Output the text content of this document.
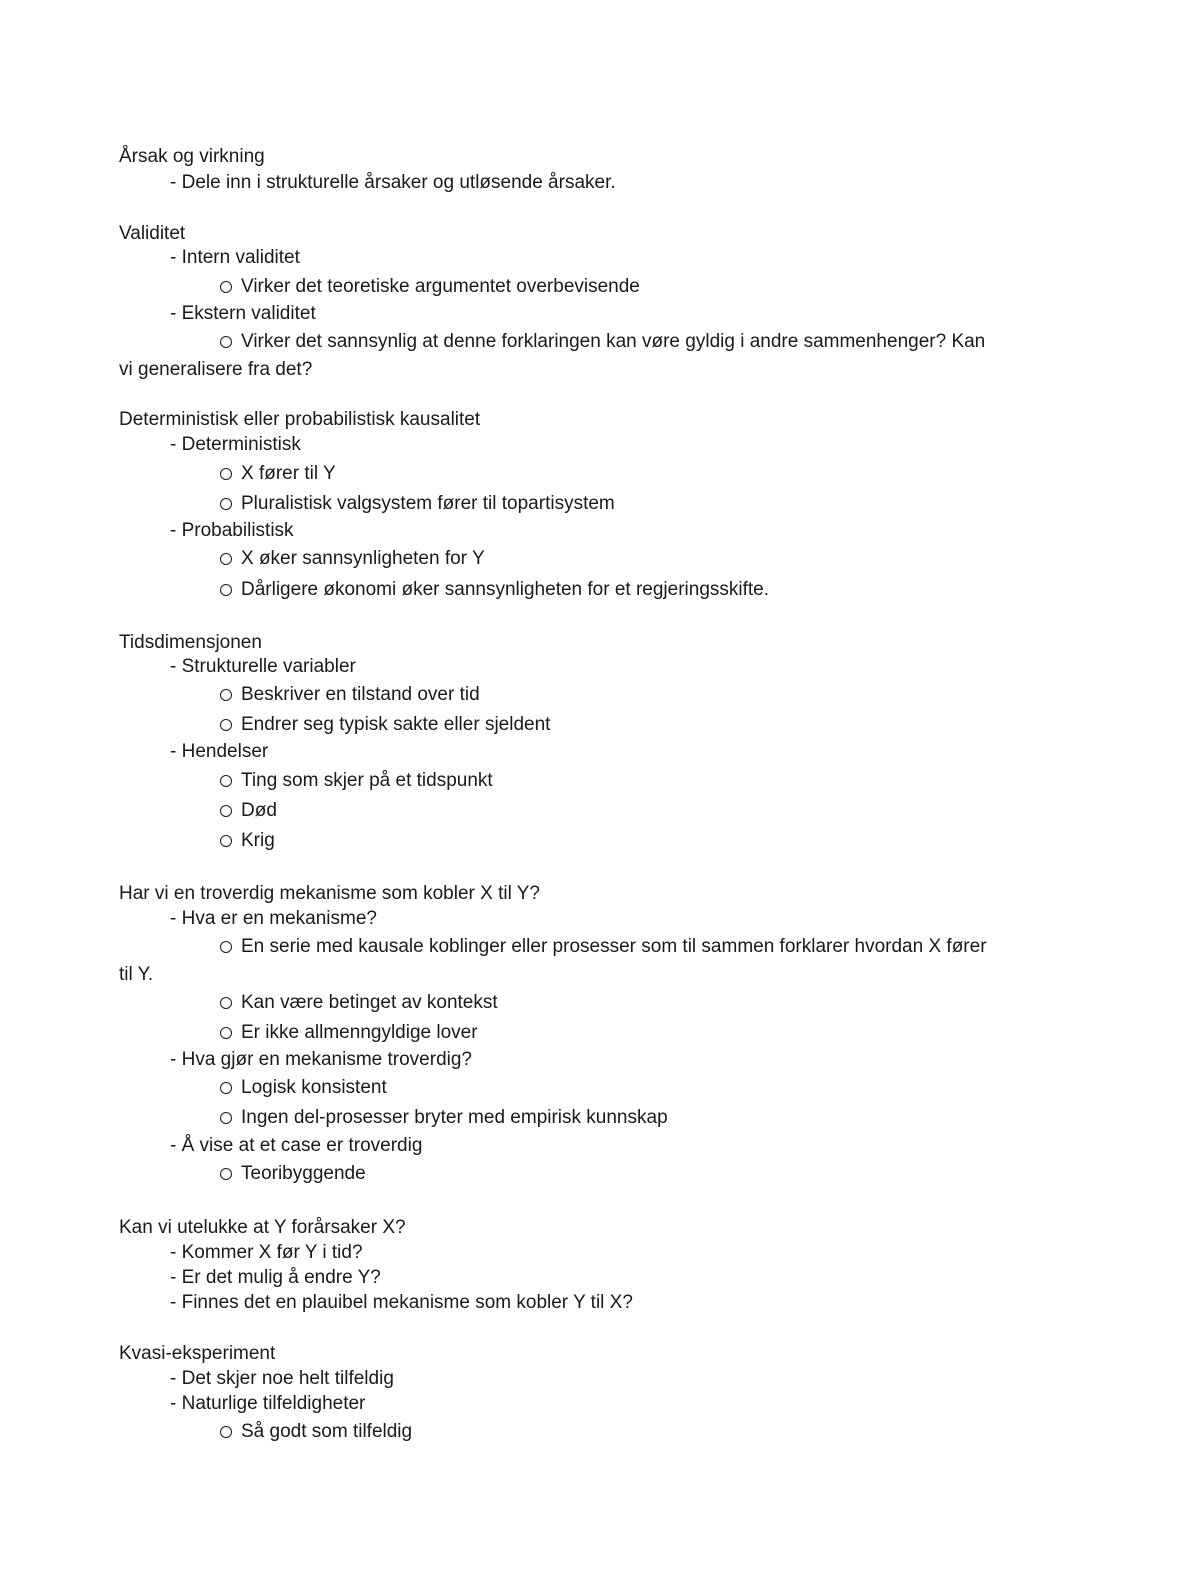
Årsak og virkning

- Dele inn i strukturelle årsaker og utløsende årsaker.

Validitet

- Intern validitet

Virker det teoretiske argumentet overbevisende

- Ekstern validitet

Virker det sannsynlig at denne forklaringen kan vøre gyldig i andre sammenhenger? Kan

vi generalisere fra det?

Deterministisk eller probabilistisk kausalitet

- Deterministisk

X fører til Y

Pluralistisk valgsystem fører til topartisystem

- Probabilistisk

X øker sannsynligheten for Y

Dårligere økonomi øker sannsynligheten for et regjeringsskifte.

Tidsdimensjonen

- Strukturelle variabler

Beskriver en tilstand over tid

Endrer seg typisk sakte eller sjeldent

- Hendelser

Ting som skjer på et tidspunkt

Død

Krig

Har vi en troverdig mekanisme som kobler X til Y?

- Hva er en mekanisme?

En serie med kausale koblinger eller prosesser som til sammen forklarer hvordan X fører

til Y.

Kan være betinget av kontekst

Er ikke allmenngyldige lover

- Hva gjør en mekanisme troverdig?

Logisk konsistent

Ingen del-prosesser bryter med empirisk kunnskap

- Å vise at et case er troverdig

Teoribyggende

Kan vi utelukke at Y forårsaker X?

- Kommer X før Y i tid?

- Er det mulig å endre Y?

- Finnes det en plauibel mekanisme som kobler Y til X?

Kvasi-eksperiment

- Det skjer noe helt tilfeldig

- Naturlige tilfeldigheter

Så godt som tilfeldig
